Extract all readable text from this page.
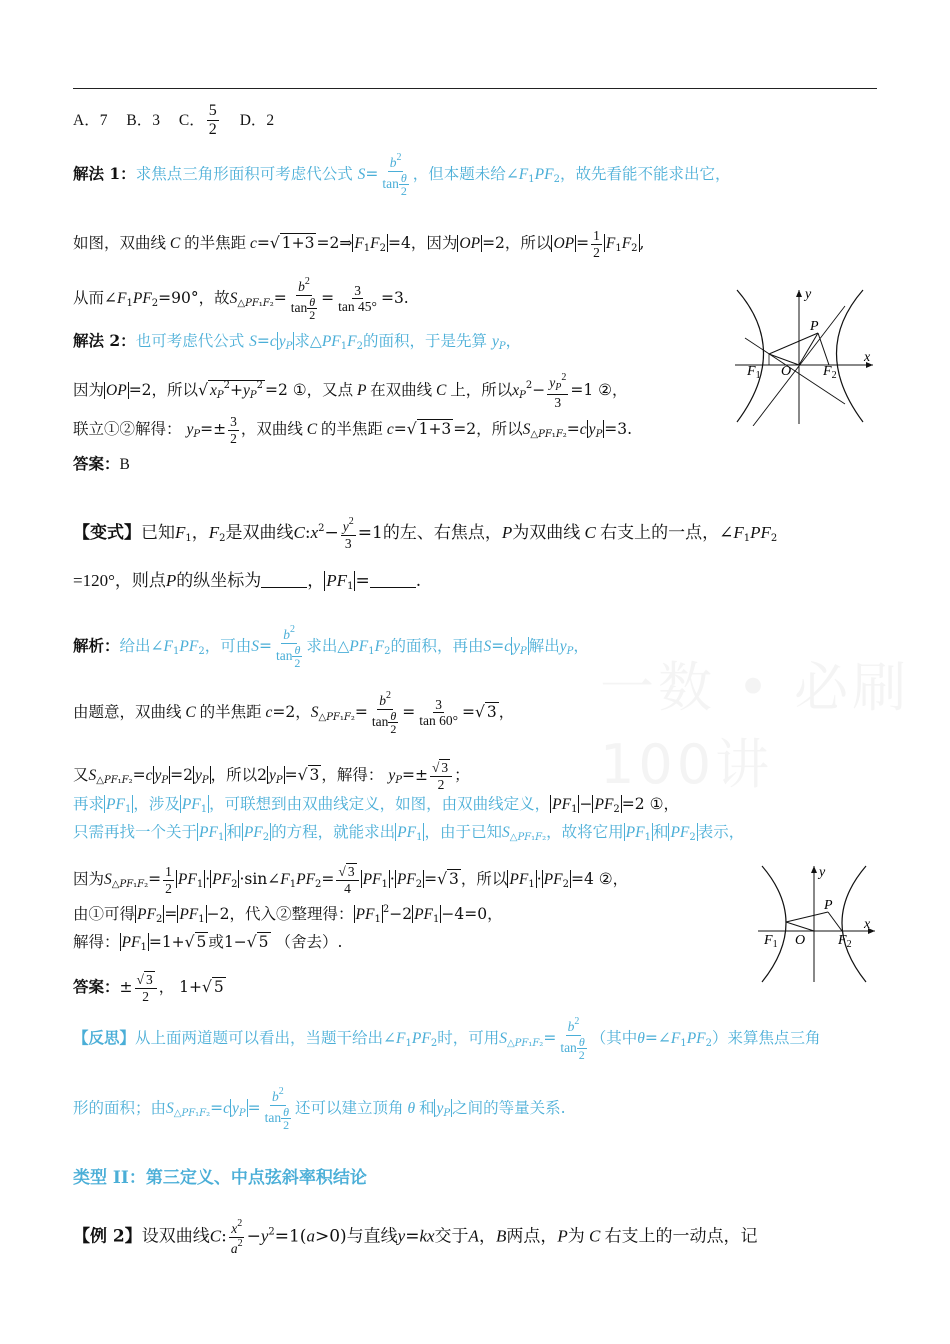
一数 • 必刷100讲
A．7 B．3 C． $\frac{5}{2}$ D．2
解法 1：求焦点三角形面积可考虑代公式 $S= \frac{b^2}{\tan \frac{\theta}{2}}$ ，但本题未给$\angle F_1PF_2$，故先看能不能求出它，
如图，双曲线 C 的半焦距 c=√ 1+3 =2⇒ $F_1F_2 =4$，因为 OP =2，所以 OP = $\frac{1}{2} F_1F_2$ ,
从而$\angle F_1PF_2=90^\circ$，故$S_{\triangle PF_1F_2}= \frac{b^2}{\tan \frac{\theta}{2}} = \frac{3}{\tan 45^\circ} =3$.
解法 2：也可考虑代公式 S=c $y_P$ 求$\triangle PF_1F_2$的面积，于是先算 $y_P$，
因为 OP =2，所以√ $x_P^2+y_P^2 =2$ ①，又点 P 在双曲线 C 上，所以$x_P^2- \frac{y_P^2}{3} =1$ ②，
联立①②解得： $y_P=\pm \frac{3}{2}$ ，双曲线 C 的半焦距 c=√ 1+3 =2，所以$S_{\triangle PF_1F_2}=c$ $y_P =3$.
答案：B
y
x
P
$F_1$ O $F_2$
【变式】已知$F_1$，$F_2$是双曲线$C:x^2- \frac{y^2}{3} =1$的左、右焦点，P为双曲线 C 右支上的一点，$\angle F_1PF_2$
=120°，则点P的纵坐标为	， $PF_1$ =	.
解析：给出$\angle F_1PF_2$，可由$S= \frac{b^2}{\tan \frac{\theta}{2}}$ 求出$\triangle PF_1F_2$的面积，再由S=c $y_P$ 解出$y_P$，
由题意，双曲线 C 的半焦距 c=2，$S_{\triangle PF_1F_2}= \frac{b^2}{\tan \frac{\theta}{2}} = \frac{3}{\tan 60^\circ}$ =√ 3 ，
又$S_{\triangle PF_1F_2}=c$ $y_P =2$ $y_P$ ，所以2 $y_P$ =√ 3 ，解得： $y_P=\pm \frac{√ 3}{2}$ ；
再求 $PF_1$ ，涉及 $PF_1$ ，可联想到由双曲线定义，如图，由双曲线定义， $PF_1 - PF_2 =2$ ①，
只需再找一个关于 $PF_1$ 和 $PF_2$ 的方程，就能求出 $PF_1$ ，由于已知$S_{\triangle PF_1F_2}$，故将它用 $PF_1$ 和 $PF_2$ 表示，
因为$S_{\triangle PF_1F_2}= \frac{1}{2} PF_1 \cdot PF_2$ $\cdot\sin\angle F_1PF_2= \frac{√ 3}{4} PF_1 \cdot PF_2$ =√ 3 ，所以 $PF_1 \cdot PF_2 =4$ ②，
由①可得 $PF_2 = PF_1 -2$，代入②整理得： $PF_1^2-2$ $PF_1 -4=0$，
解得： $PF_1 =1+√$ 5 或1−√ 5 （舍去）.
答案：± $\frac{√ 3}{2}$ ， 1+√ 5
y
x
P
$F_1$ O $F_2$
【反思】从上面两道题可以看出，当题干给出$\angle F_1PF_2$时，可用$S_{\triangle PF_1F_2}= \frac{b^2}{\tan \frac{\theta}{2}}$ （其中$\theta=\angle F_1PF_2$）来算焦点三角
形的面积；由$S_{\triangle PF_1F_2}=c$ $y_P = \frac{b^2}{\tan \frac{\theta}{2}}$ 还可以建立顶角 θ 和 $y_P$ 之间的等量关系.
类型 II：第三定义、中点弦斜率积结论
【例 2】设双曲线C: $\frac{x^2}{a^2} -y^2=1(a>0)$与直线y=kx交于A，B两点，P为 C 右支上的一动点，记
